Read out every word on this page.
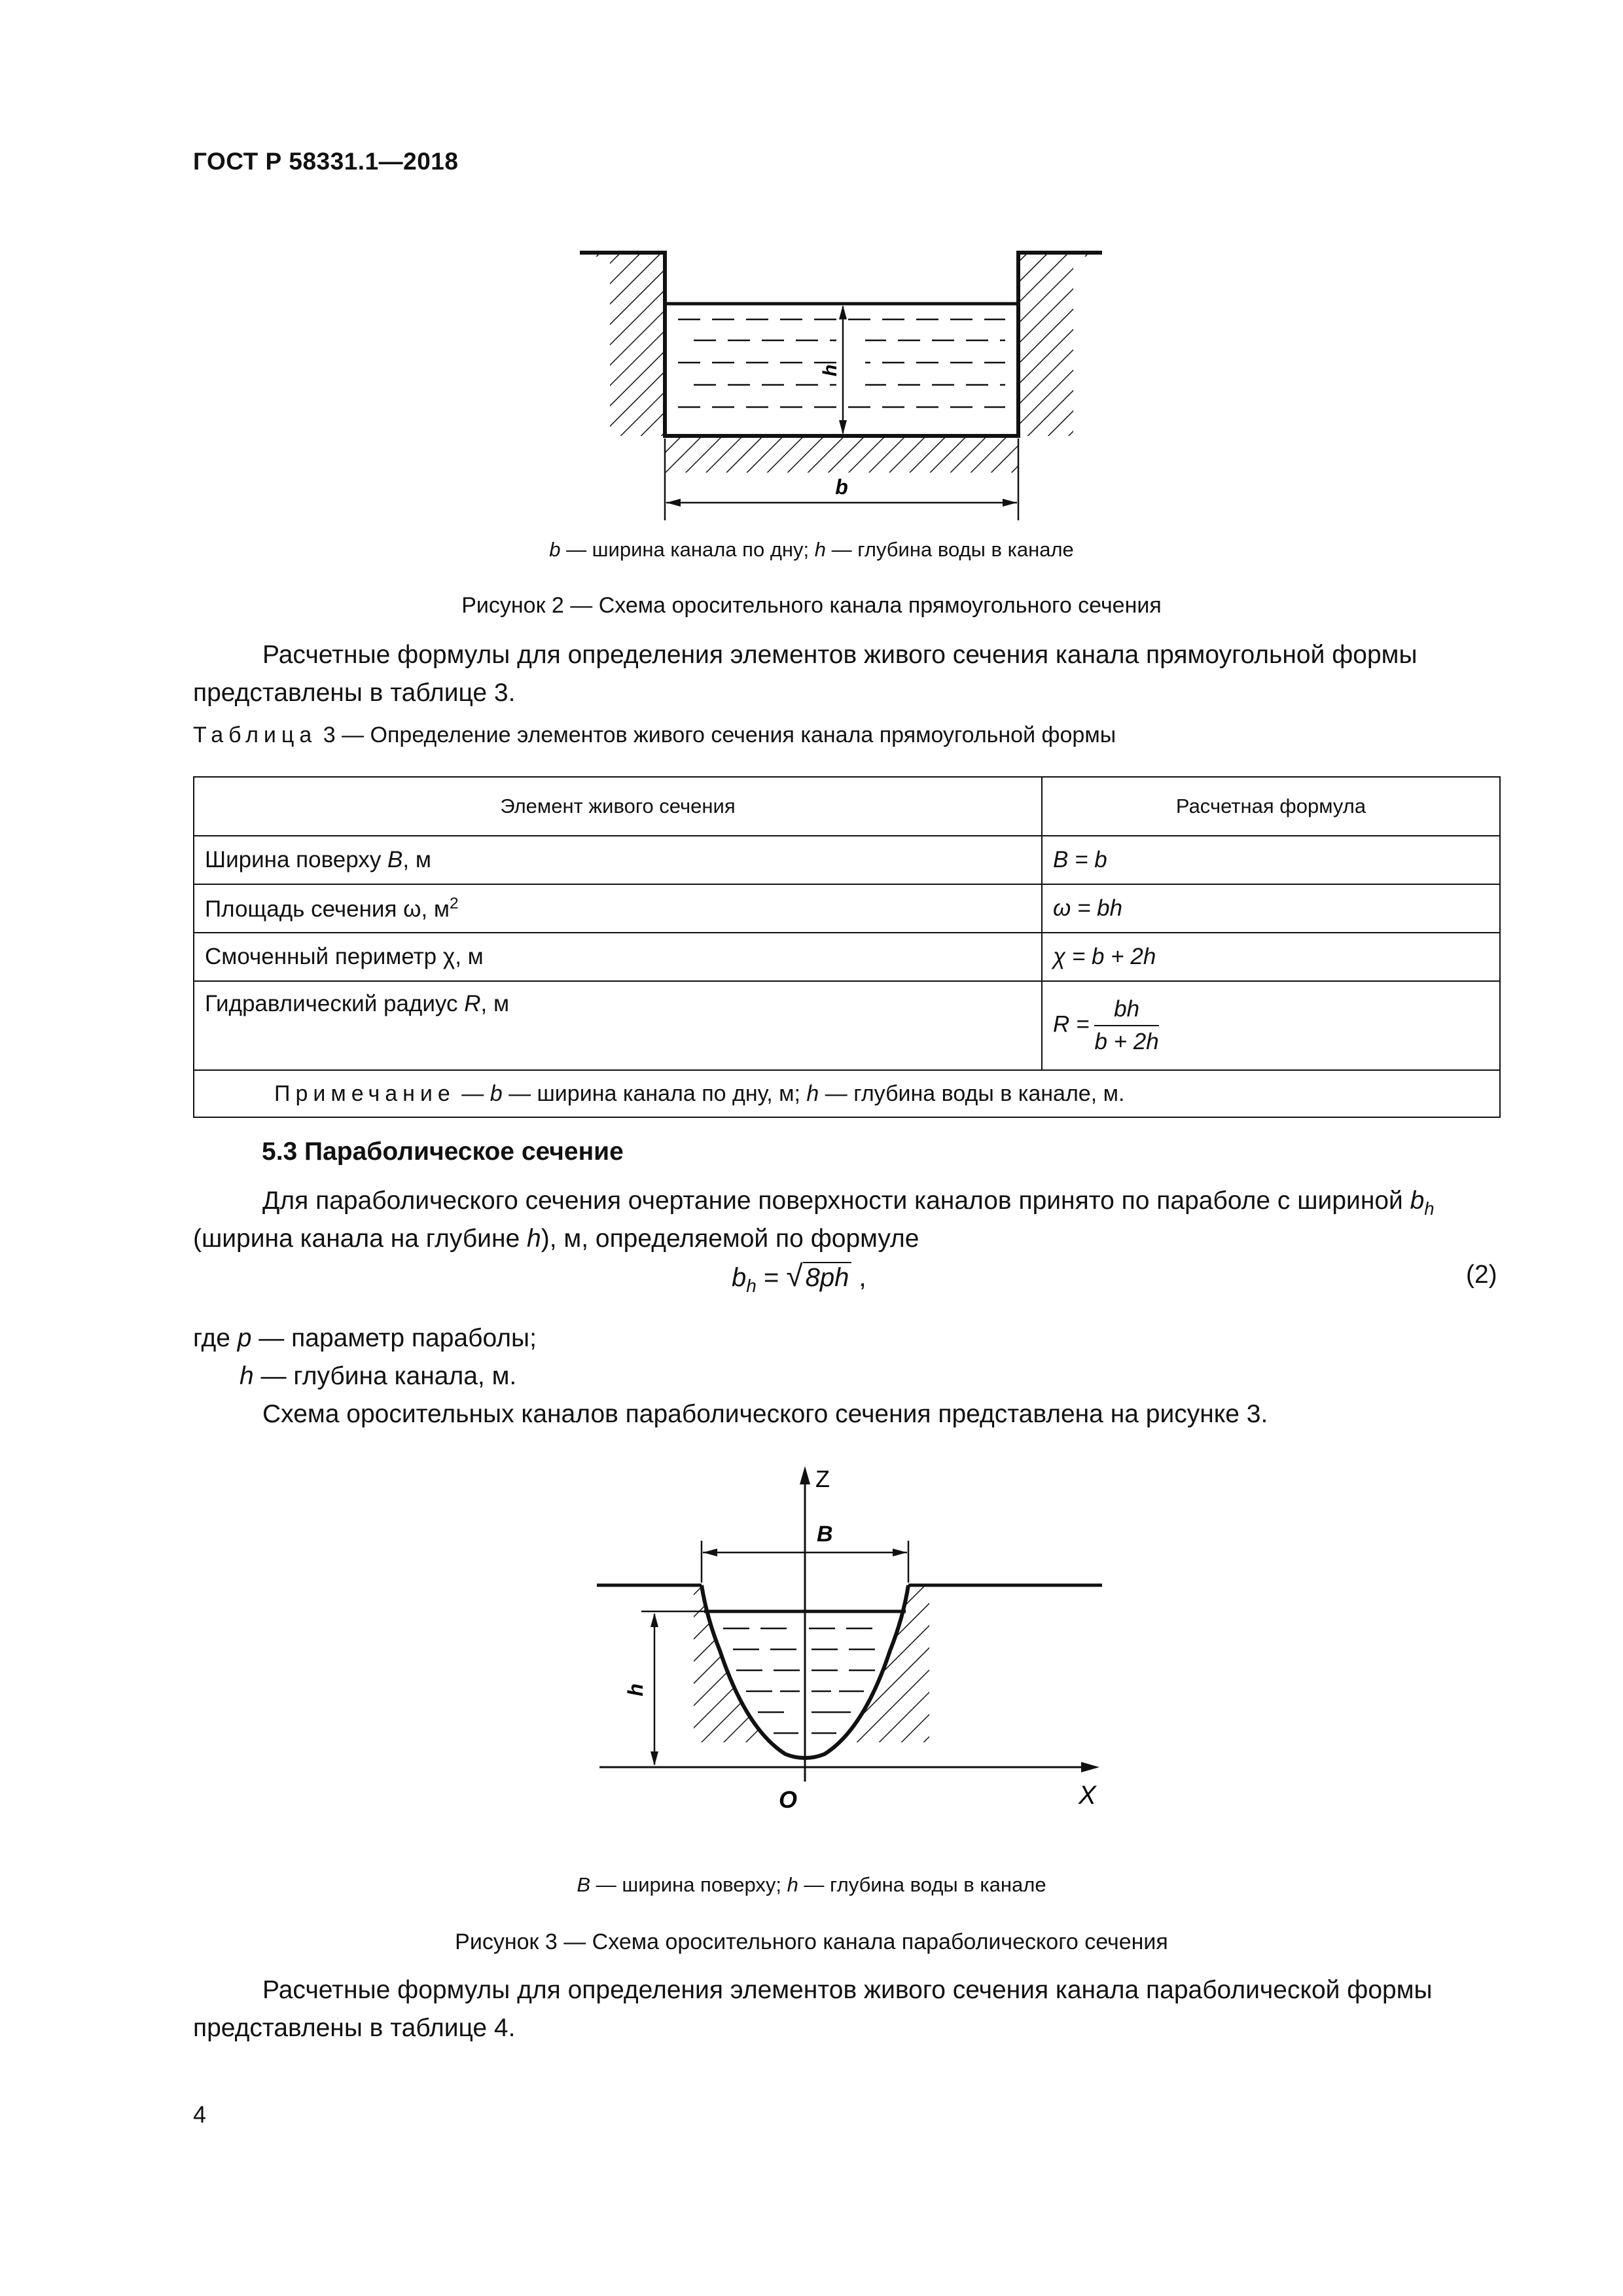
ГОСТ Р 58331.1—2018
h
b
b — ширина канала по дну; h — глубина воды в канале
Рисунок 2 — Схема оросительного канала прямоугольного сечения
Расчетные формулы для определения элементов живого сечения канала прямоугольной формы представлены в таблице 3.
Таблица 3 — Определение элементов живого сечения канала прямоугольной формы
Элемент живого сечения	Расчетная формула
Ширина поверху B, м	B = b
Площадь сечения ω, $м^2$	ω = bh
Смоченный периметр χ, м	χ = b + 2h
Гидравлический радиус R, м	$R = \frac{bh}{b + 2h}$

Примечание — b — ширина канала по дну, м; h — глубина воды в канале, м.	
5.3 Параболическое сечение
Для параболического сечения очертание поверхности каналов принято по параболе с шириной $b_h$
(ширина канала на глубине h), м, определяемой по формуле
$b_h$ = √ 8ph ,	(2)
где p — параметр параболы;
h — глубина канала, м.
Схема оросительных каналов параболического сечения представлена на рисунке 3.
Z
X
O
B
h
B — ширина поверху; h — глубина воды в канале
Рисунок 3 — Схема оросительного канала параболического сечения
Расчетные формулы для определения элементов живого сечения канала параболической формы представлены в таблице 4.
4
